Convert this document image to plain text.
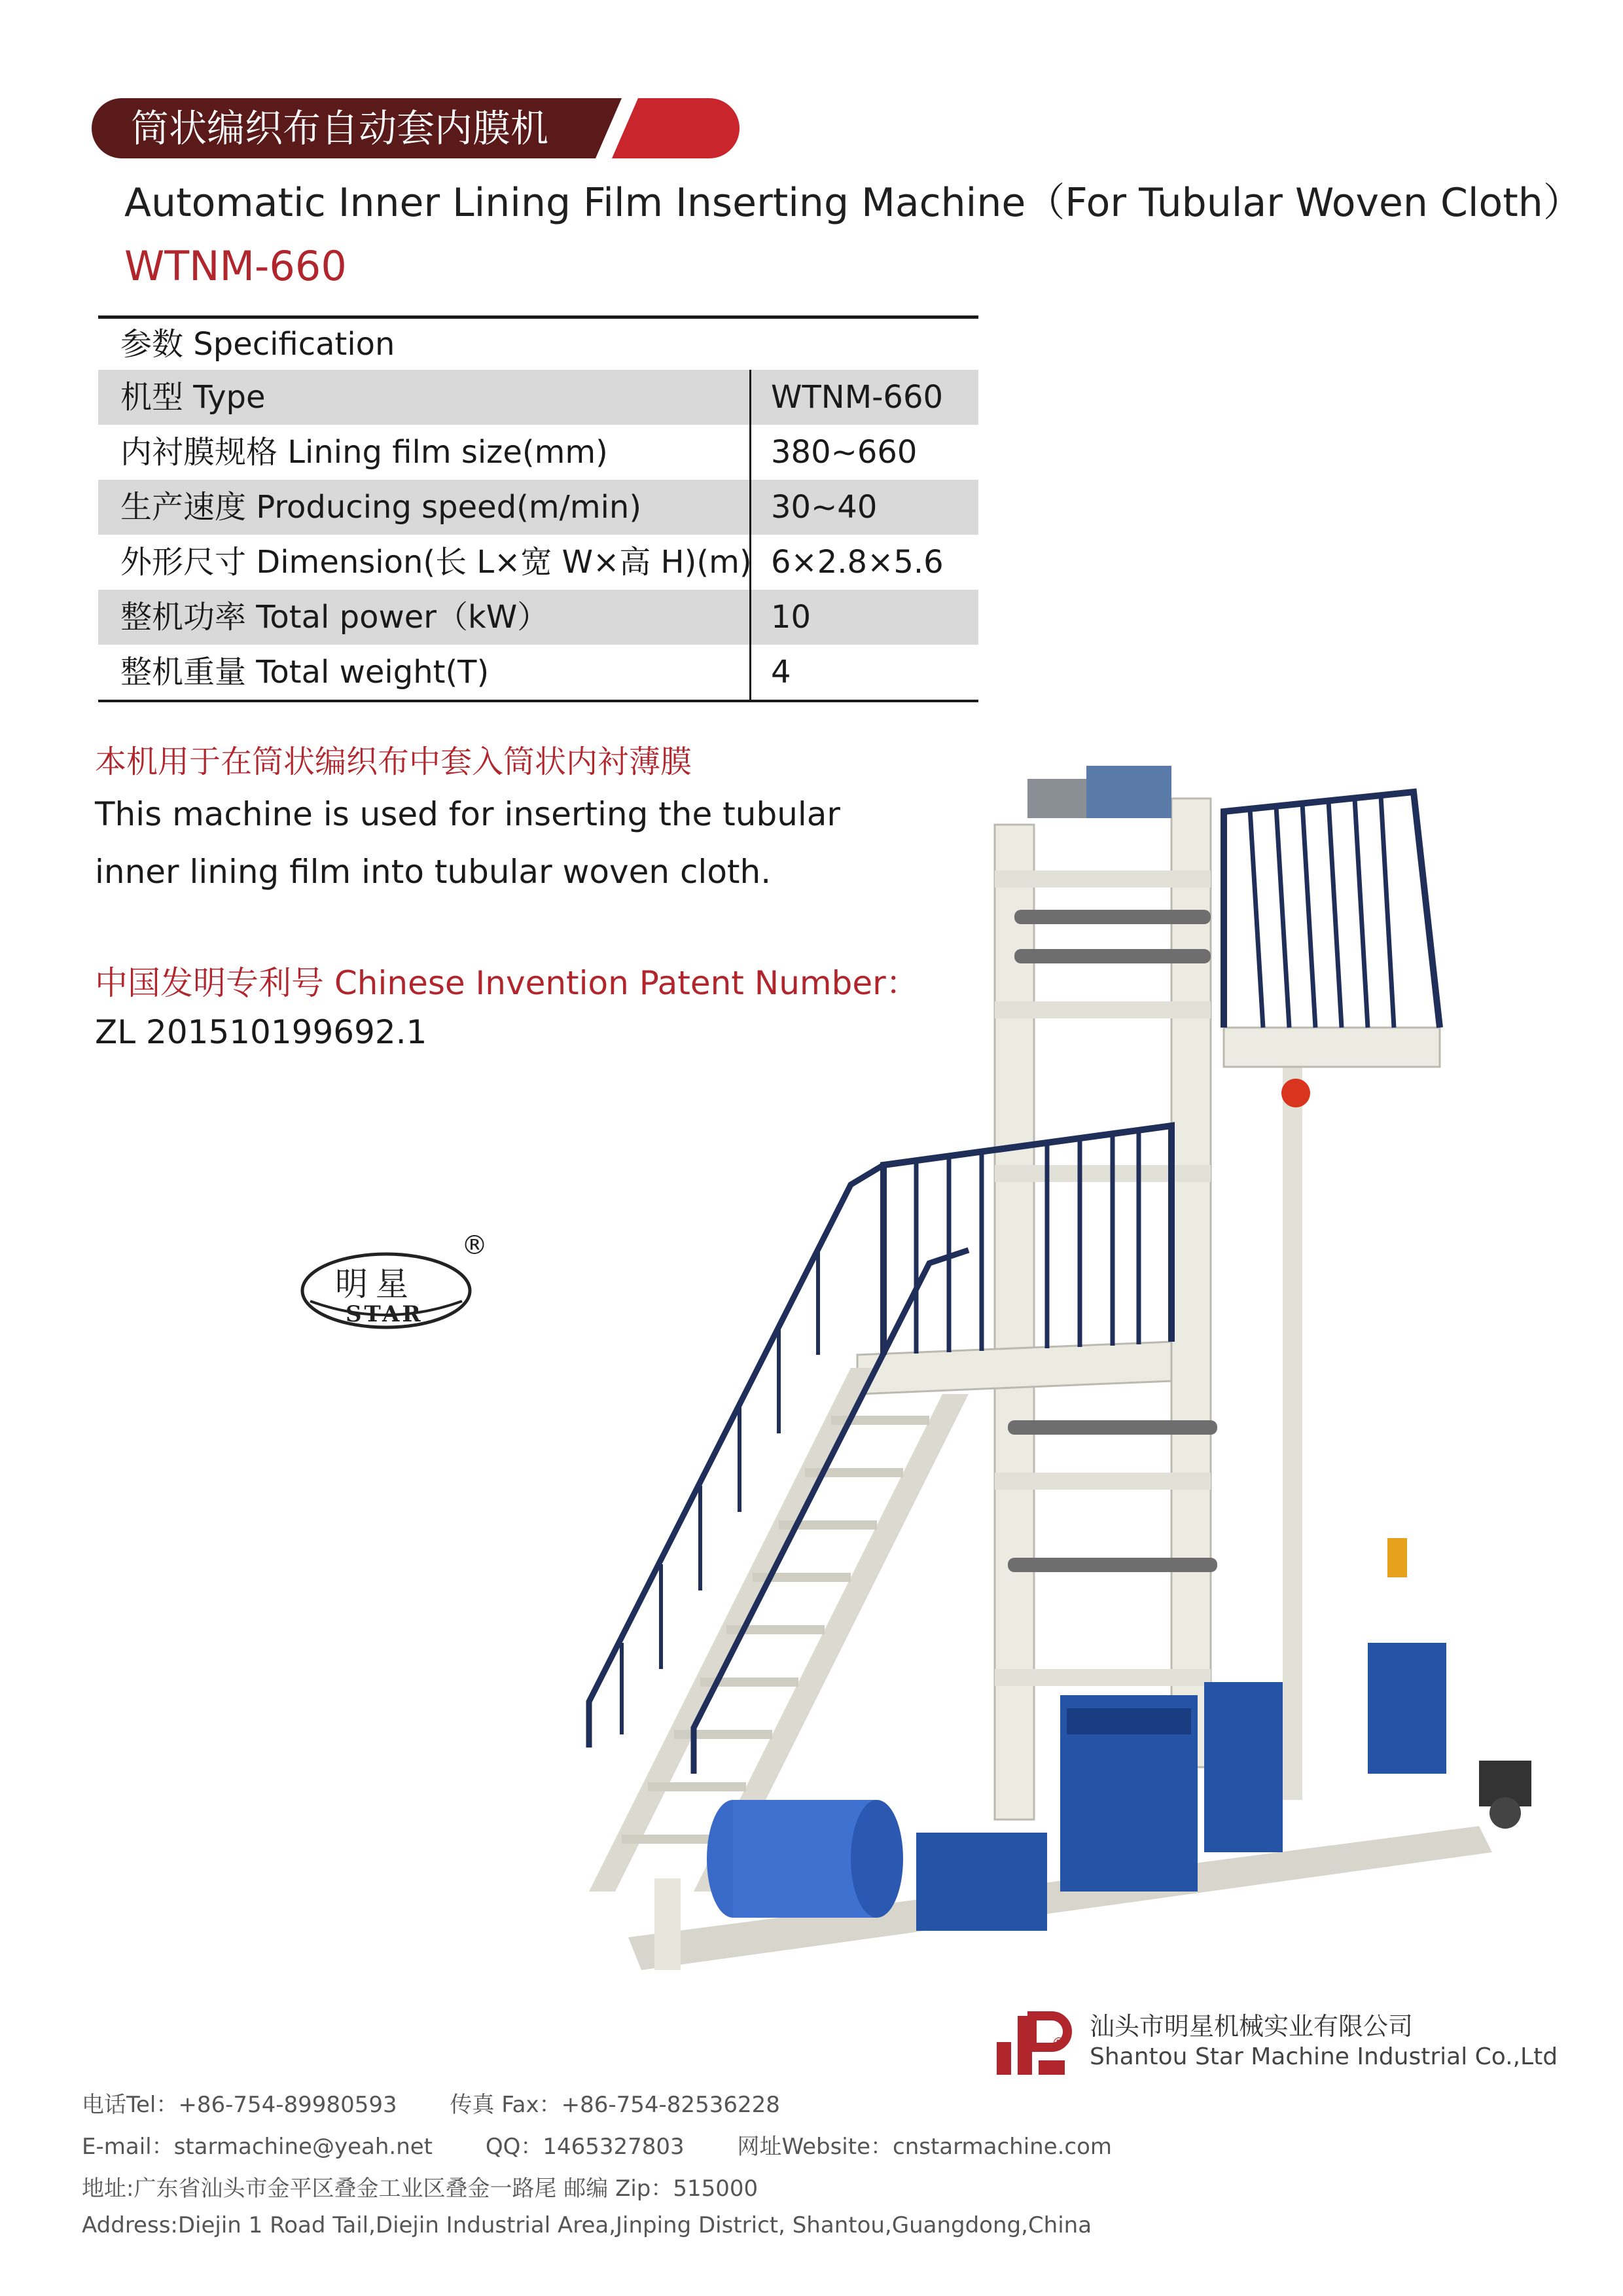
筒状编织布自动套内膜机
Automatic Inner Lining Film Inserting Machine（For Tubular Woven Cloth）
WTNM-660
参数 Specification
机型 Type	WTNM-660
内衬膜规格 Lining film size(mm)	380~660
生产速度 Producing speed(m/min)	30~40
外形尺寸 Dimension(长 L×宽 W×高 H)(m) 6×2.8×5.6
整机功率 Total power（kW）	10
整机重量 Total weight(T)	4
本机用于在筒状编织布中套入筒状内衬薄膜
This machine is used for inserting the tubular
inner lining film into tubular woven cloth.
中国发明专利号 Chinese Invention Patent Number：
ZL 201510199692.1
明星
STAR
®
®
汕头市明星机械实业有限公司
Shantou Star Machine Industrial Co.,Ltd
电话Tel：+86-754-89980593 传真 Fax：+86-754-82536228
E-mail：starmachine@yeah.net QQ：1465327803 网址Website：cnstarmachine.com
地址:广东省汕头市金平区叠金工业区叠金一路尾 邮编 Zip：515000
Address:Diejin 1 Road Tail,Diejin Industrial Area,Jinping District, Shantou,Guangdong,China
